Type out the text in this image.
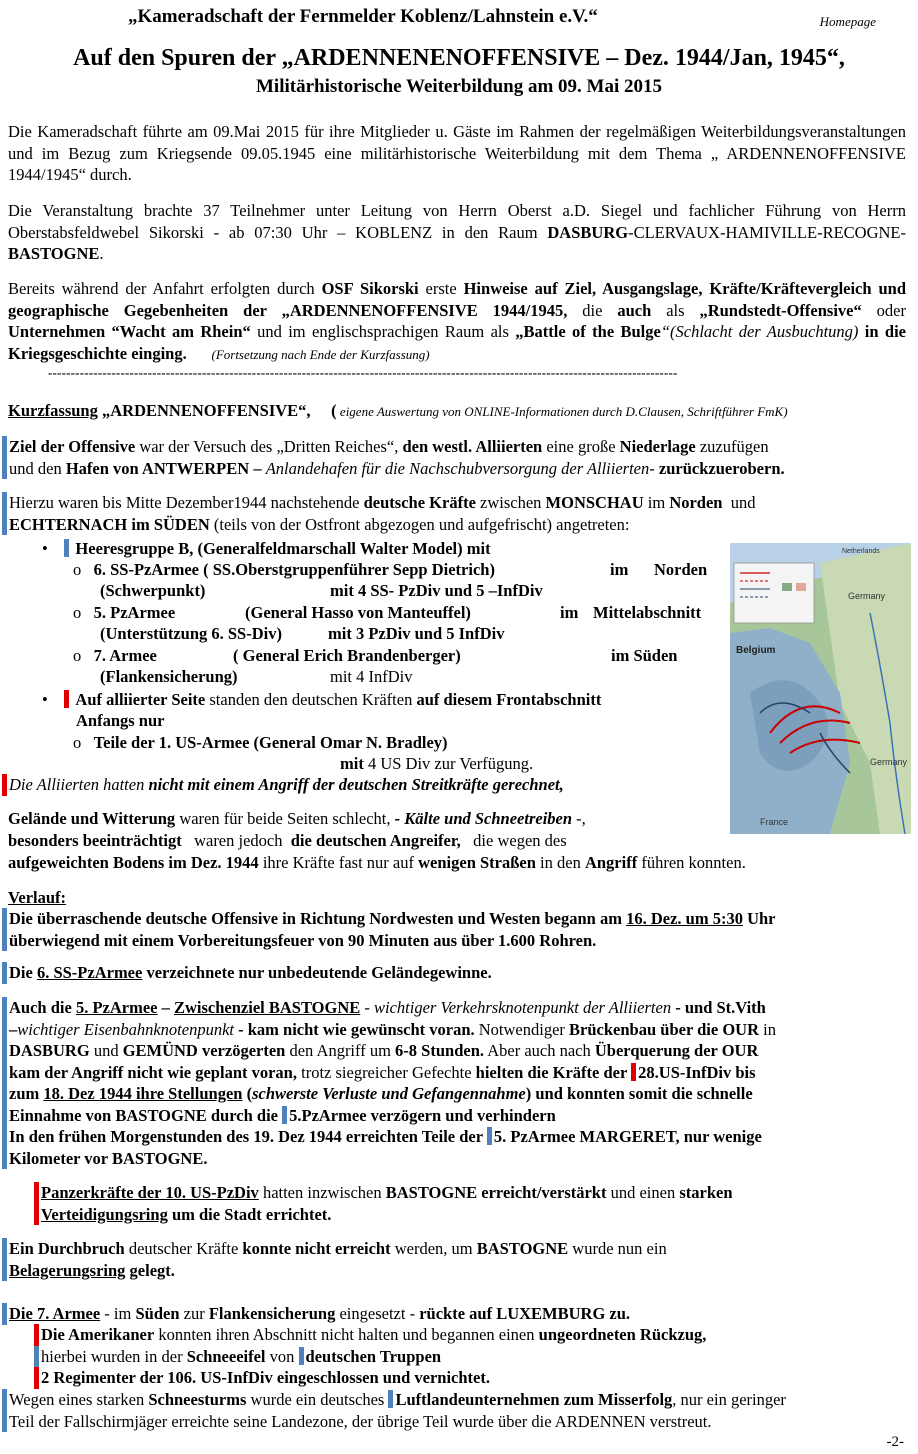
„Kameradschaft der Fernmelder Koblenz/Lahnstein e.V.“	Homepage
Auf den Spuren der „ARDENNENENOFFENSIVE – Dez. 1944/Jan, 1945“,
Militärhistorische Weiterbildung am 09. Mai 2015

Die Kameradschaft führte am 09.Mai 2015 für ihre Mitglieder u. Gäste im Rahmen der regelmäßigen Weiterbildungsveranstaltungen und im Bezug zum Kriegsende 09.05.1945 eine militärhistorische Weiterbildung mit dem Thema „ ARDENNENOFFENSIVE 1944/1945“ durch.

Die Veranstaltung brachte 37 Teilnehmer unter Leitung von Herrn Oberst a.D. Siegel und fachlicher Führung von Herrn Oberstabsfeldwebel Sikorski - ab 07:30 Uhr – KOBLENZ in den Raum DASBURG-CLERVAUX-HAMIVILLE-RECOGNE-BASTOGNE.

Bereits während der Anfahrt erfolgten durch OSF Sikorski erste Hinweise auf Ziel, Ausgangslage, Kräfte/Kräftevergleich und geographische Gegebenheiten der „ARDENNENOFFENSIVE 1944/1945, die auch als „Rundstedt-Offensive“ oder Unternehmen “Wacht am Rhein“ und im englischsprachigen Raum als „Battle of the Bulge“(Schlacht der Ausbuchtung) in die Kriegsgeschichte einging. (Fortsetzung nach Ende der Kurzfassung)

-------------------------------------------------------------------------------------------------------------------------------------------
Kurzfassung „ARDENNENOFFENSIVE“, ( eigene Auswertung von ONLINE-Informationen durch D.Clausen, Schriftführer FmK)

Ziel der Offensive war der Versuch des „Dritten Reiches“, den westl. Alliierten eine große Niederlage zuzufügen
und den Hafen von ANTWERPEN – Anlandehafen für die Nachschubversorgung der Alliierten- zurückzuerobern.

Hierzu waren bis Mitte Dezember1944 nachstehende deutsche Kräfte zwischen MONSCHAU im Norden  und
ECHTERNACH im SÜDEN (teils von der Ostfront abgezogen und aufgefrischt) angetreten:

•     Heeresgruppe B, (Generalfeldmarschall Walter Model) mit
o   6. SS-PzArmee ( SS.Oberstgruppenführer Sepp Dietrich)	im Norden
(Schwerpunkt)	mit 4 SS- PzDiv und 5 –InfDiv
o   5. PzArmee	(General Hasso von Manteuffel)	im Mittelabschnitt
(Unterstützung 6. SS-Div)	mit 3 PzDiv und 5 InfDiv
o   7. Armee	( General Erich Brandenberger)	im Süden
(Flankensicherung)	mit 4 InfDiv
•     Auf alliierter Seite standen den deutschen Kräften auf diesem Frontabschnitt
Anfangs nur
o   Teile der 1. US-Armee (General Omar N. Bradley)
mit 4 US Div zur Verfügung.
Die Alliierten hatten nicht mit einem Angriff der deutschen Streitkräfte gerechnet,
Gelände und Witterung waren für beide Seiten schlecht, - Kälte und Schneetreiben -,
besonders beeinträchtigt   waren jedoch  die deutschen Angreifer,   die wegen des
aufgeweichten Bodens im Dez. 1944 ihre Kräfte fast nur auf wenigen Straßen in den Angriff führen konnten.
Netherlands
Germany
Belgium
Germany
France
Verlauf:

Die überraschende deutsche Offensive in Richtung Nordwesten und Westen begann am 16. Dez. um 5:30 Uhr
überwiegend mit einem Vorbereitungsfeuer von 90 Minuten aus über 1.600 Rohren.

Die 6. SS-PzArmee verzeichnete nur unbedeutende Geländegewinne.

Auch die 5. PzArmee – Zwischenziel BASTOGNE - wichtiger Verkehrsknotenpunkt der Alliierten - und St.Vith
–wichtiger Eisenbahnknotenpunkt - kam nicht wie gewünscht voran. Notwendiger Brückenbau über die OUR in
DASBURG und GEMÜND verzögerten den Angriff um 6-8 Stunden. Aber auch nach Überquerung der OUR
kam der Angriff nicht wie geplant voran, trotz siegreicher Gefechte hielten die Kräfte der 28.US-InfDiv bis
zum 18. Dez 1944 ihre Stellungen (schwerste Verluste und Gefangennahme) und konnten somit die schnelle
Einnahme von BASTOGNE durch die 5.PzArmee verzögern und verhindern
In den frühen Morgenstunden des 19. Dez 1944 erreichten Teile der 5. PzArmee MARGERET, nur wenige
Kilometer vor BASTOGNE.

Panzerkräfte der 10. US-PzDiv hatten inzwischen BASTOGNE erreicht/verstärkt und einen starken
Verteidigungsring um die Stadt errichtet.

Ein Durchbruch deutscher Kräfte konnte nicht erreicht werden, um BASTOGNE wurde nun ein
Belagerungsring gelegt.

Die 7. Armee - im Süden zur Flankensicherung eingesetzt - rückte auf LUXEMBURG zu.
Die Amerikaner konnten ihren Abschnitt nicht halten und begannen einen ungeordneten Rückzug,
hierbei wurden in der Schneeeifel von deutschen Truppen
2 Regimenter der 106. US-InfDiv eingeschlossen und vernichtet.

Wegen eines starken Schneesturms wurde ein deutsches Luftlandeunternehmen zum Misserfolg, nur ein geringer
Teil der Fallschirmjäger erreichte seine Landezone, der übrige Teil wurde über die ARDENNEN verstreut.

-2-
